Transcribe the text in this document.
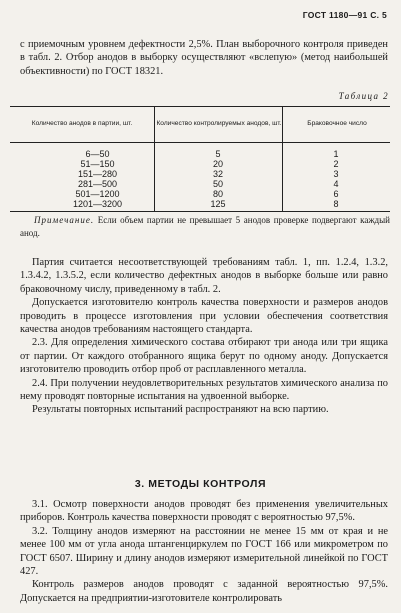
ГОСТ 1180—91 С. 5

с приемочным уровнем дефектности 2,5%. План выборочного контроля приведен в табл. 2. Отбор анодов в выборку осуществляют «вслепую» (метод наибольшей объективности) по ГОСТ 18321.

Таблица 2
Количество анодов в партии, шт.	Количество контролируемых анодов, шт.	Браковочное число
6—50	5	1
51—150	20	2
151—280	32	3
281—500	50	4
501—1200	80	6
1201—3200	125	8

Примечание. Если объем партии не превышает 5 анодов проверке подвергают каждый анод.

Партия считается несоответствующей требованиям табл. 1, пп. 1.2.4, 1.3.2, 1.3.4.2, 1.3.5.2, если количество дефектных анодов в выборке больше или равно браковочному числу, приведенному в табл. 2.

Допускается изготовителю контроль качества поверхности и размеров анодов проводить в процессе изготовления при условии обеспечения соответствия качества анодов требованиям настоящего стандарта.

2.3. Для определения химического состава отбирают три анода или три ящика от партии. От каждого отобранного ящика берут по одному аноду. Допускается изготовителю проводить отбор проб от расплавленного металла.

2.4. При получении неудовлетворительных результатов химического анализа по нему проводят повторные испытания на удвоенной выборке.

Результаты повторных испытаний распространяют на всю партию.

3. МЕТОДЫ КОНТРОЛЯ

3.1. Осмотр поверхности анодов проводят без применения увеличительных приборов. Контроль качества поверхности проводят с вероятностью 97,5%.

3.2. Толщину анодов измеряют на расстоянии не менее 15 мм от края и не менее 100 мм от угла анода штангенциркулем по ГОСТ 166 или микрометром по ГОСТ 6507. Ширину и длину анодов измеряют измерительной линейкой по ГОСТ 427.

Контроль размеров анодов проводят с заданной вероятностью 97,5%. Допускается на предприятии-изготовителе контролировать
